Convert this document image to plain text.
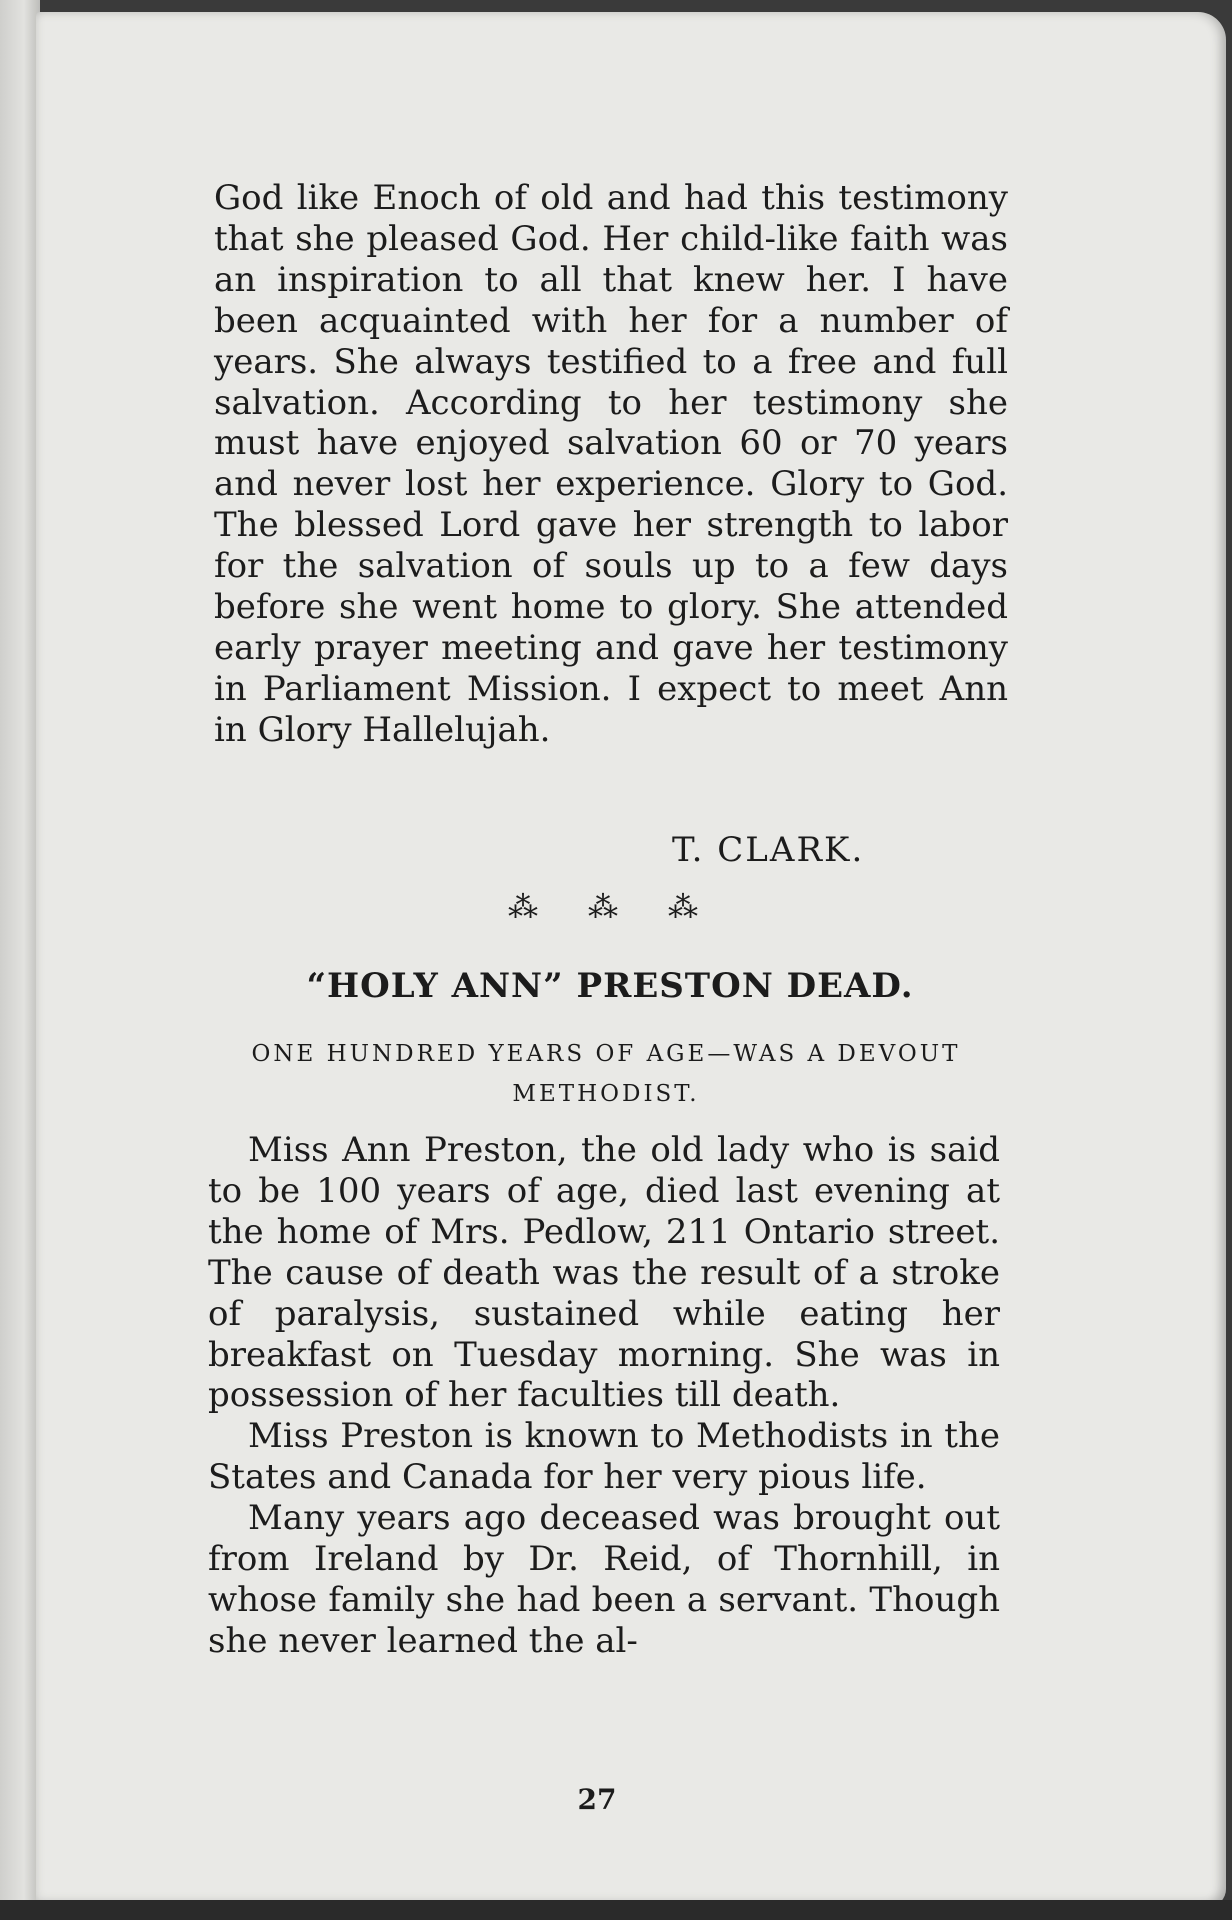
God like Enoch of old and had this testimony that she pleased God. Her child-like faith was an inspiration to all that knew her. I have been acquainted with her for a number of years. She always testified to a free and full salvation. According to her testimony she must have enjoyed salvation 60 or 70 years and never lost her experience. Glory to God. The blessed Lord gave her strength to labor for the salvation of souls up to a few days before she went home to glory. She attended early prayer meeting and gave her testimony in Parliament Mission. I expect to meet Ann in Glory Hallelujah.

T. CLARK.
⁂ ⁂ ⁂
“HOLY ANN” PRESTON DEAD.
ONE HUNDRED YEARS OF AGE—WAS A DEVOUT METHODIST.

Miss Ann Preston, the old lady who is said to be 100 years of age, died last evening at the home of Mrs. Pedlow, 211 Ontario street. The cause of death was the result of a stroke of paralysis, sustained while eating her breakfast on Tuesday morning. She was in possession of her faculties till death.

Miss Preston is known to Methodists in the States and Canada for her very pious life.

Many years ago deceased was brought out from Ireland by Dr. Reid, of Thornhill, in whose family she had been a servant. Though she never learned the al-

27
